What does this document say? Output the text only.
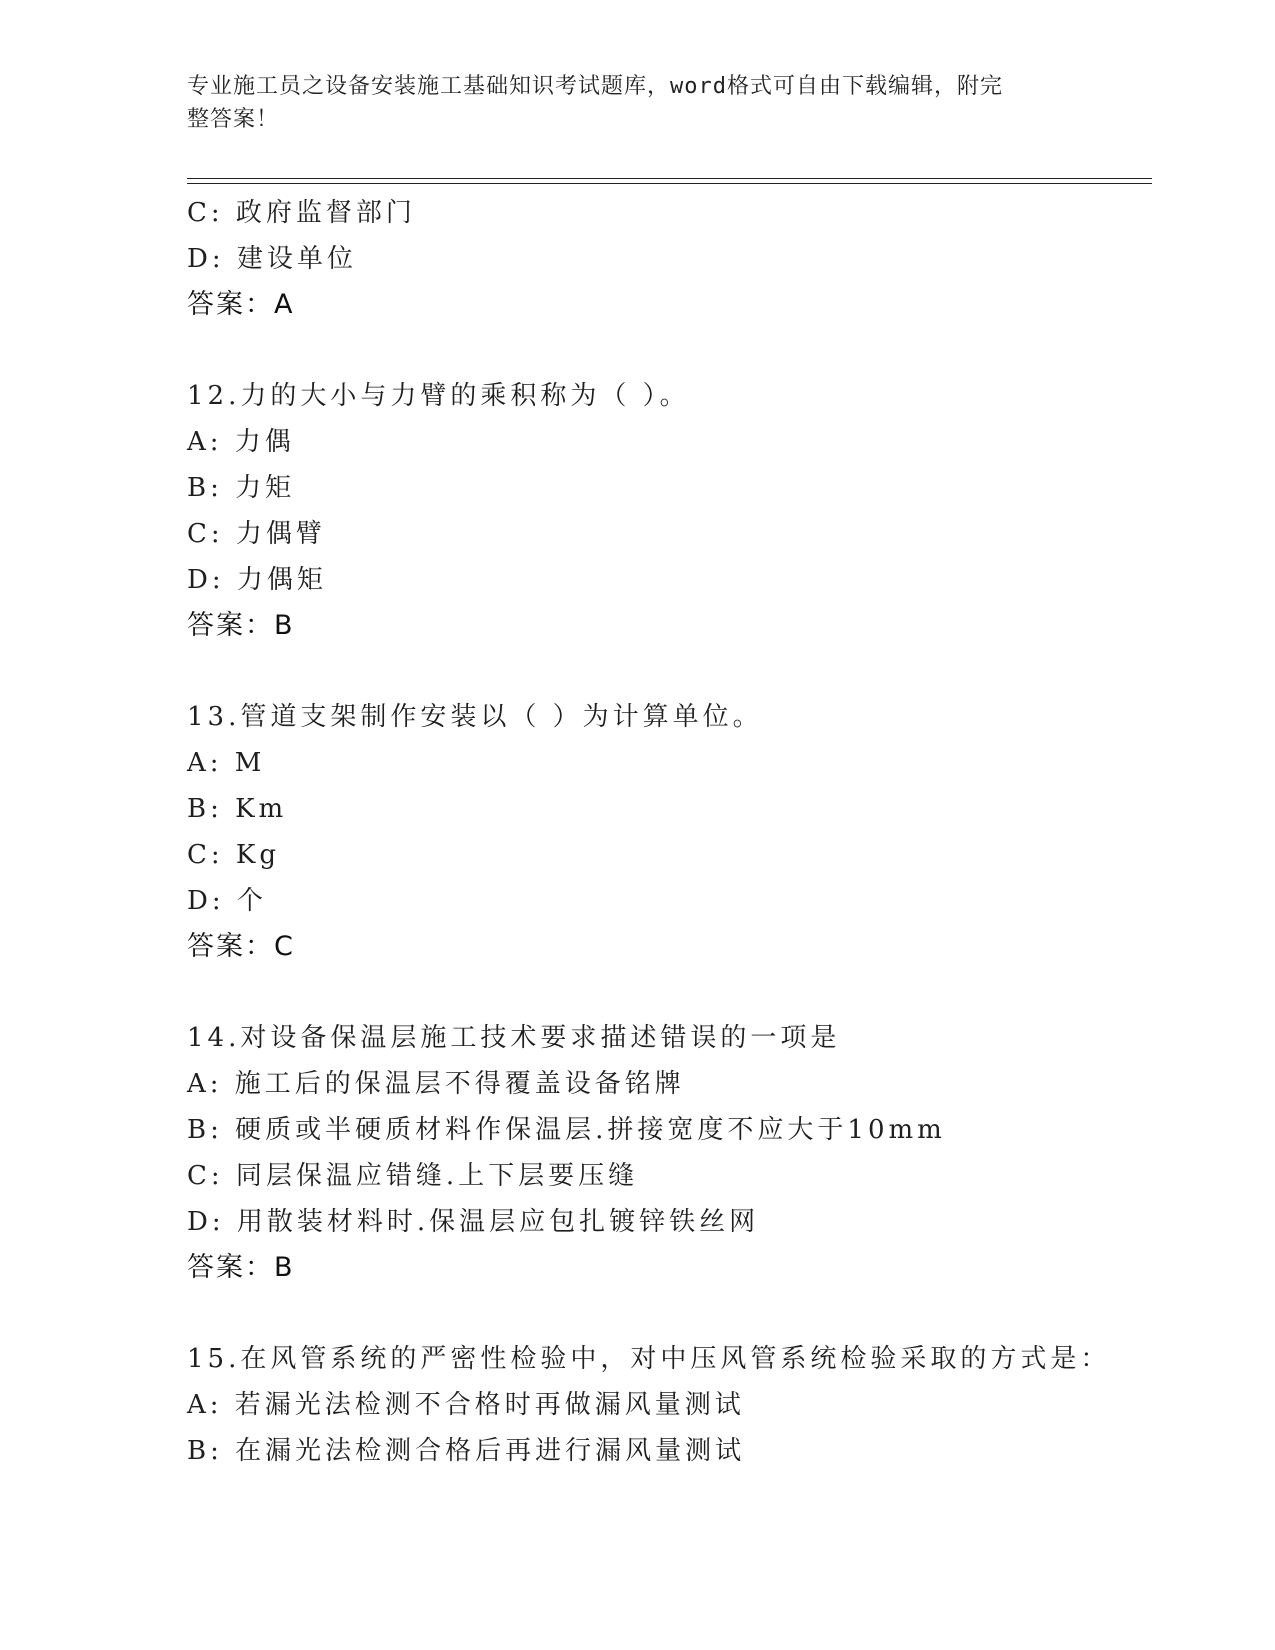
专业施工员之设备安装施工基础知识考试题库，word格式可自由下载编辑，附完
整答案！
C: 政府监督部门
D: 建设单位
答案：A
12.力的大小与力臂的乘积称为（ ）。
A: 力偶
B: 力矩
C: 力偶臂
D: 力偶矩
答案：B
13.管道支架制作安装以（ ）为计算单位。
A: M
B: Km
C: Kg
D: 个
答案：C
14.对设备保温层施工技术要求描述错误的一项是
A: 施工后的保温层不得覆盖设备铭牌
B: 硬质或半硬质材料作保温层.拼接宽度不应大于10mm
C: 同层保温应错缝.上下层要压缝
D: 用散装材料时.保温层应包扎镀锌铁丝网
答案：B
15.在风管系统的严密性检验中，对中压风管系统检验采取的方式是：
A: 若漏光法检测不合格时再做漏风量测试
B: 在漏光法检测合格后再进行漏风量测试
